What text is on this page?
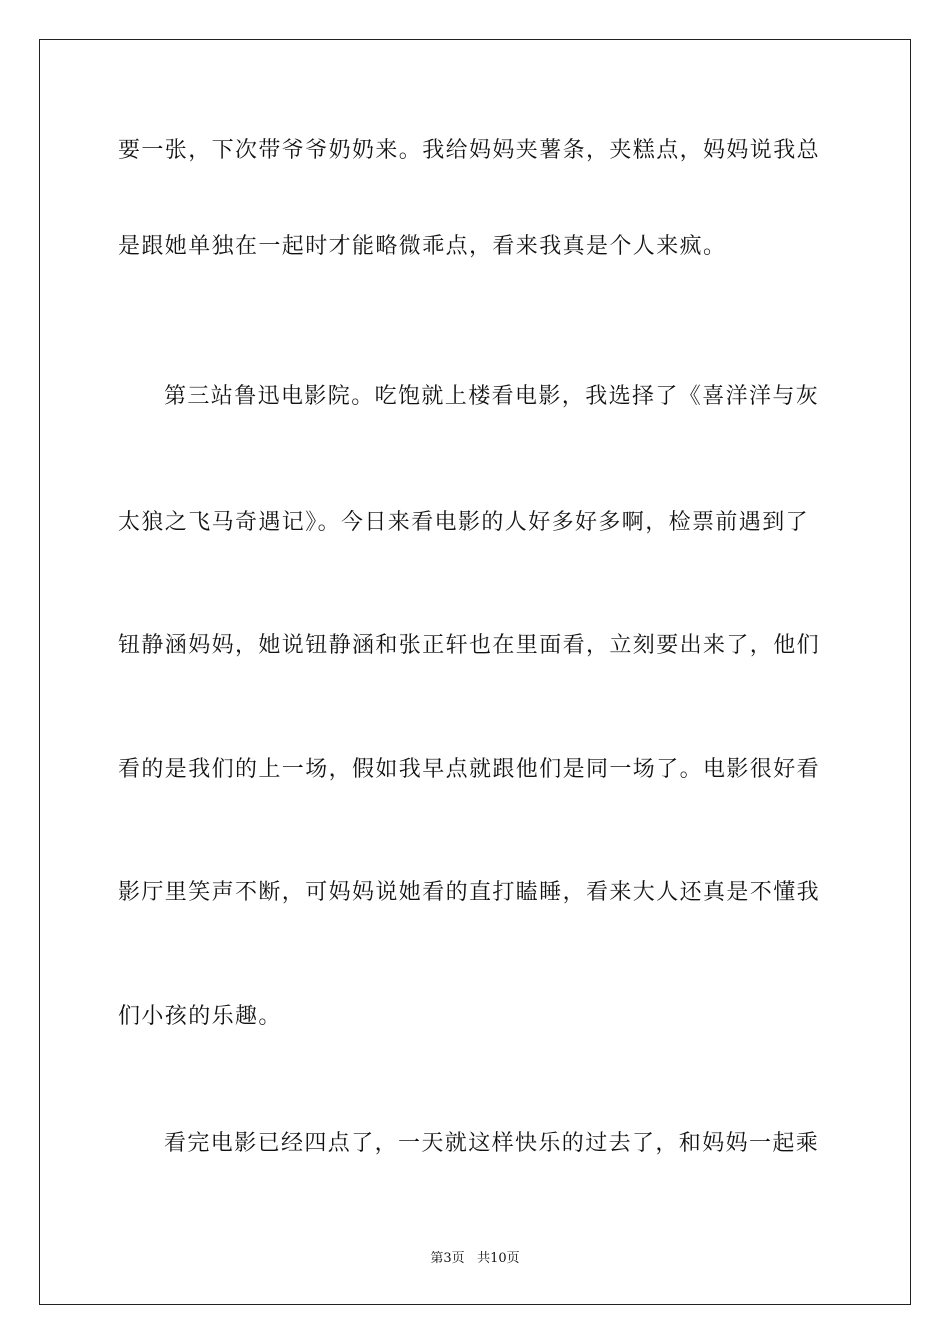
要一张，下次带爷爷奶奶来。我给妈妈夹薯条，夹糕点，妈妈说我总
是跟她单独在一起时才能略微乖点，看来我真是个人来疯。
第三站鲁迅电影院。吃饱就上楼看电影，我选择了《喜洋洋与灰
太狼之飞马奇遇记》。今日来看电影的人好多好多啊，检票前遇到了
钮静涵妈妈，她说钮静涵和张正轩也在里面看，立刻要出来了，他们
看的是我们的上一场，假如我早点就跟他们是同一场了。电影很好看
影厅里笑声不断，可妈妈说她看的直打瞌睡，看来大人还真是不懂我
们小孩的乐趣。
看完电影已经四点了，一天就这样快乐的过去了，和妈妈一起乘
第3页 共10页
